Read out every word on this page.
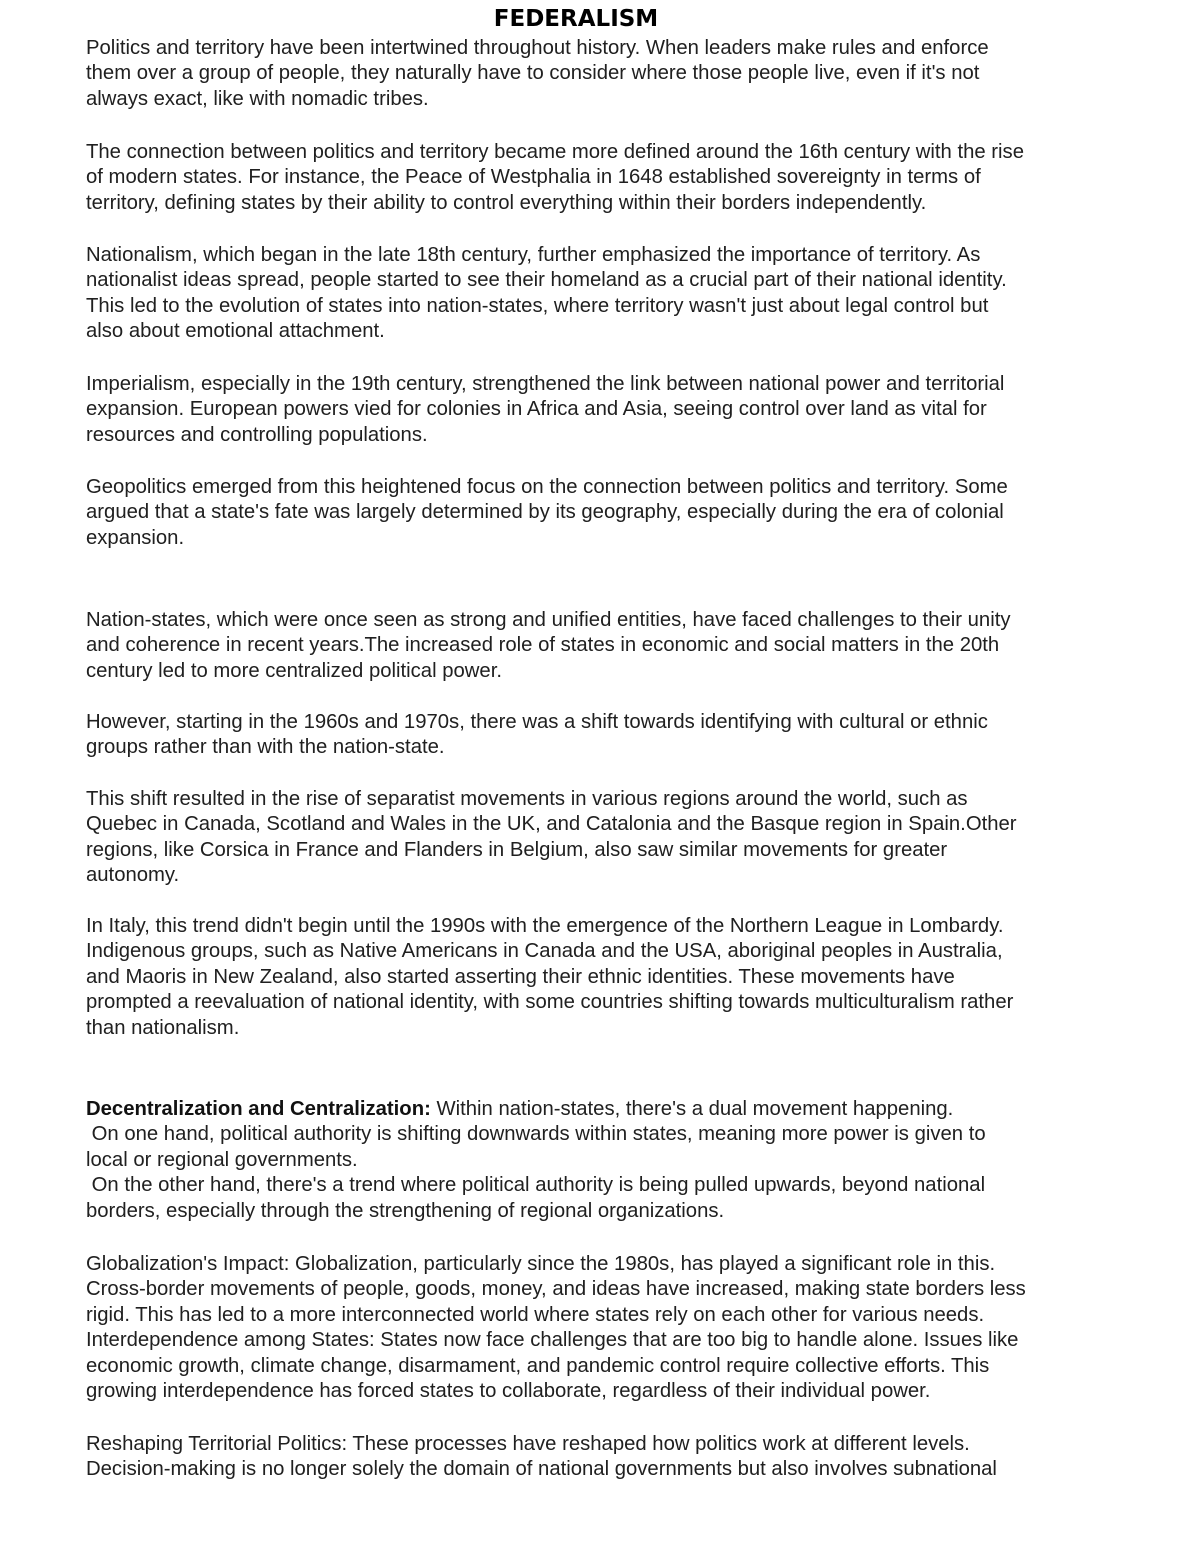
FEDERALISM

Politics and territory have been intertwined throughout history. When leaders make rules and enforce
them over a group of people, they naturally have to consider where those people live, even if it's not
always exact, like with nomadic tribes.

The connection between politics and territory became more defined around the 16th century with the rise
of modern states. For instance, the Peace of Westphalia in 1648 established sovereignty in terms of
territory, defining states by their ability to control everything within their borders independently.

Nationalism, which began in the late 18th century, further emphasized the importance of territory. As
nationalist ideas spread, people started to see their homeland as a crucial part of their national identity.
This led to the evolution of states into nation-states, where territory wasn't just about legal control but
also about emotional attachment.

Imperialism, especially in the 19th century, strengthened the link between national power and territorial
expansion. European powers vied for colonies in Africa and Asia, seeing control over land as vital for
resources and controlling populations.

Geopolitics emerged from this heightened focus on the connection between politics and territory. Some
argued that a state's fate was largely determined by its geography, especially during the era of colonial
expansion.

Nation-states, which were once seen as strong and unified entities, have faced challenges to their unity
and coherence in recent years.The increased role of states in economic and social matters in the 20th
century led to more centralized political power.

However, starting in the 1960s and 1970s, there was a shift towards identifying with cultural or ethnic
groups rather than with the nation-state.

This shift resulted in the rise of separatist movements in various regions around the world, such as
Quebec in Canada, Scotland and Wales in the UK, and Catalonia and the Basque region in Spain.Other
regions, like Corsica in France and Flanders in Belgium, also saw similar movements for greater
autonomy.

In Italy, this trend didn't begin until the 1990s with the emergence of the Northern League in Lombardy.
Indigenous groups, such as Native Americans in Canada and the USA, aboriginal peoples in Australia,
and Maoris in New Zealand, also started asserting their ethnic identities. These movements have
prompted a reevaluation of national identity, with some countries shifting towards multiculturalism rather
than nationalism.

Decentralization and Centralization: Within nation-states, there's a dual movement happening.
On one hand, political authority is shifting downwards within states, meaning more power is given to
local or regional governments.
On the other hand, there's a trend where political authority is being pulled upwards, beyond national
borders, especially through the strengthening of regional organizations.

Globalization's Impact: Globalization, particularly since the 1980s, has played a significant role in this.
Cross-border movements of people, goods, money, and ideas have increased, making state borders less
rigid. This has led to a more interconnected world where states rely on each other for various needs.
Interdependence among States: States now face challenges that are too big to handle alone. Issues like
economic growth, climate change, disarmament, and pandemic control require collective efforts. This
growing interdependence has forced states to collaborate, regardless of their individual power.

Reshaping Territorial Politics: These processes have reshaped how politics work at different levels.
Decision-making is no longer solely the domain of national governments but also involves subnational
